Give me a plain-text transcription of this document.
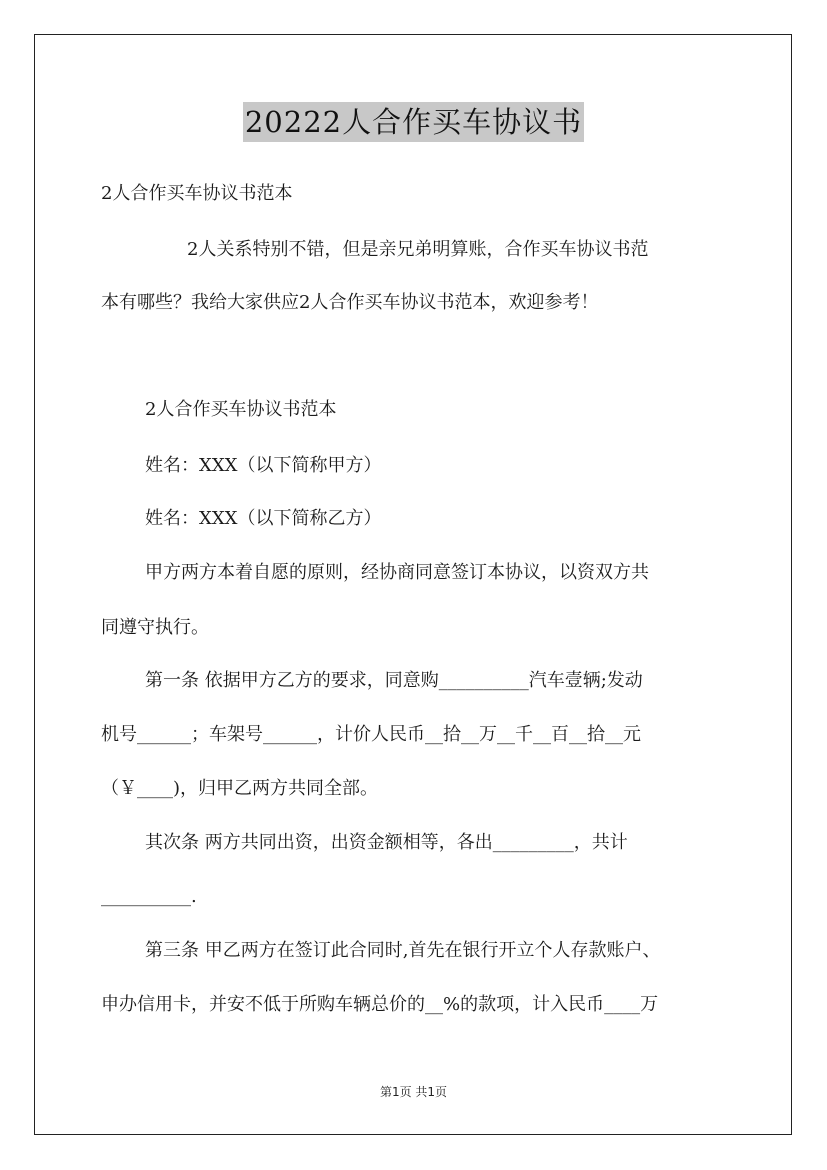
20222人合作买车协议书
2人合作买车协议书范本
2人关系特别不错，但是亲兄弟明算账，合作买车协议书范
本有哪些？我给大家供应2人合作买车协议书范本，欢迎参考！
2人合作买车协议书范本
姓名：XXX（以下简称甲方）
姓名：XXX（以下简称乙方）
甲方两方本着自愿的原则，经协商同意签订本协议，以资双方共
同遵守执行。
第一条 依据甲方乙方的要求，同意购__________汽车壹辆;发动
机号______；车架号______，计价人民币__拾__万__千__百__拾__元
（￥____)，归甲乙两方共同全部。
其次条 两方共同出资，出资金额相等，各出_________，共计
__________.
第三条 甲乙两方在签订此合同时,首先在银行开立个人存款账户、
申办信用卡，并安不低于所购车辆总价的__%的款项，计入民币____万
第1页 共1页
